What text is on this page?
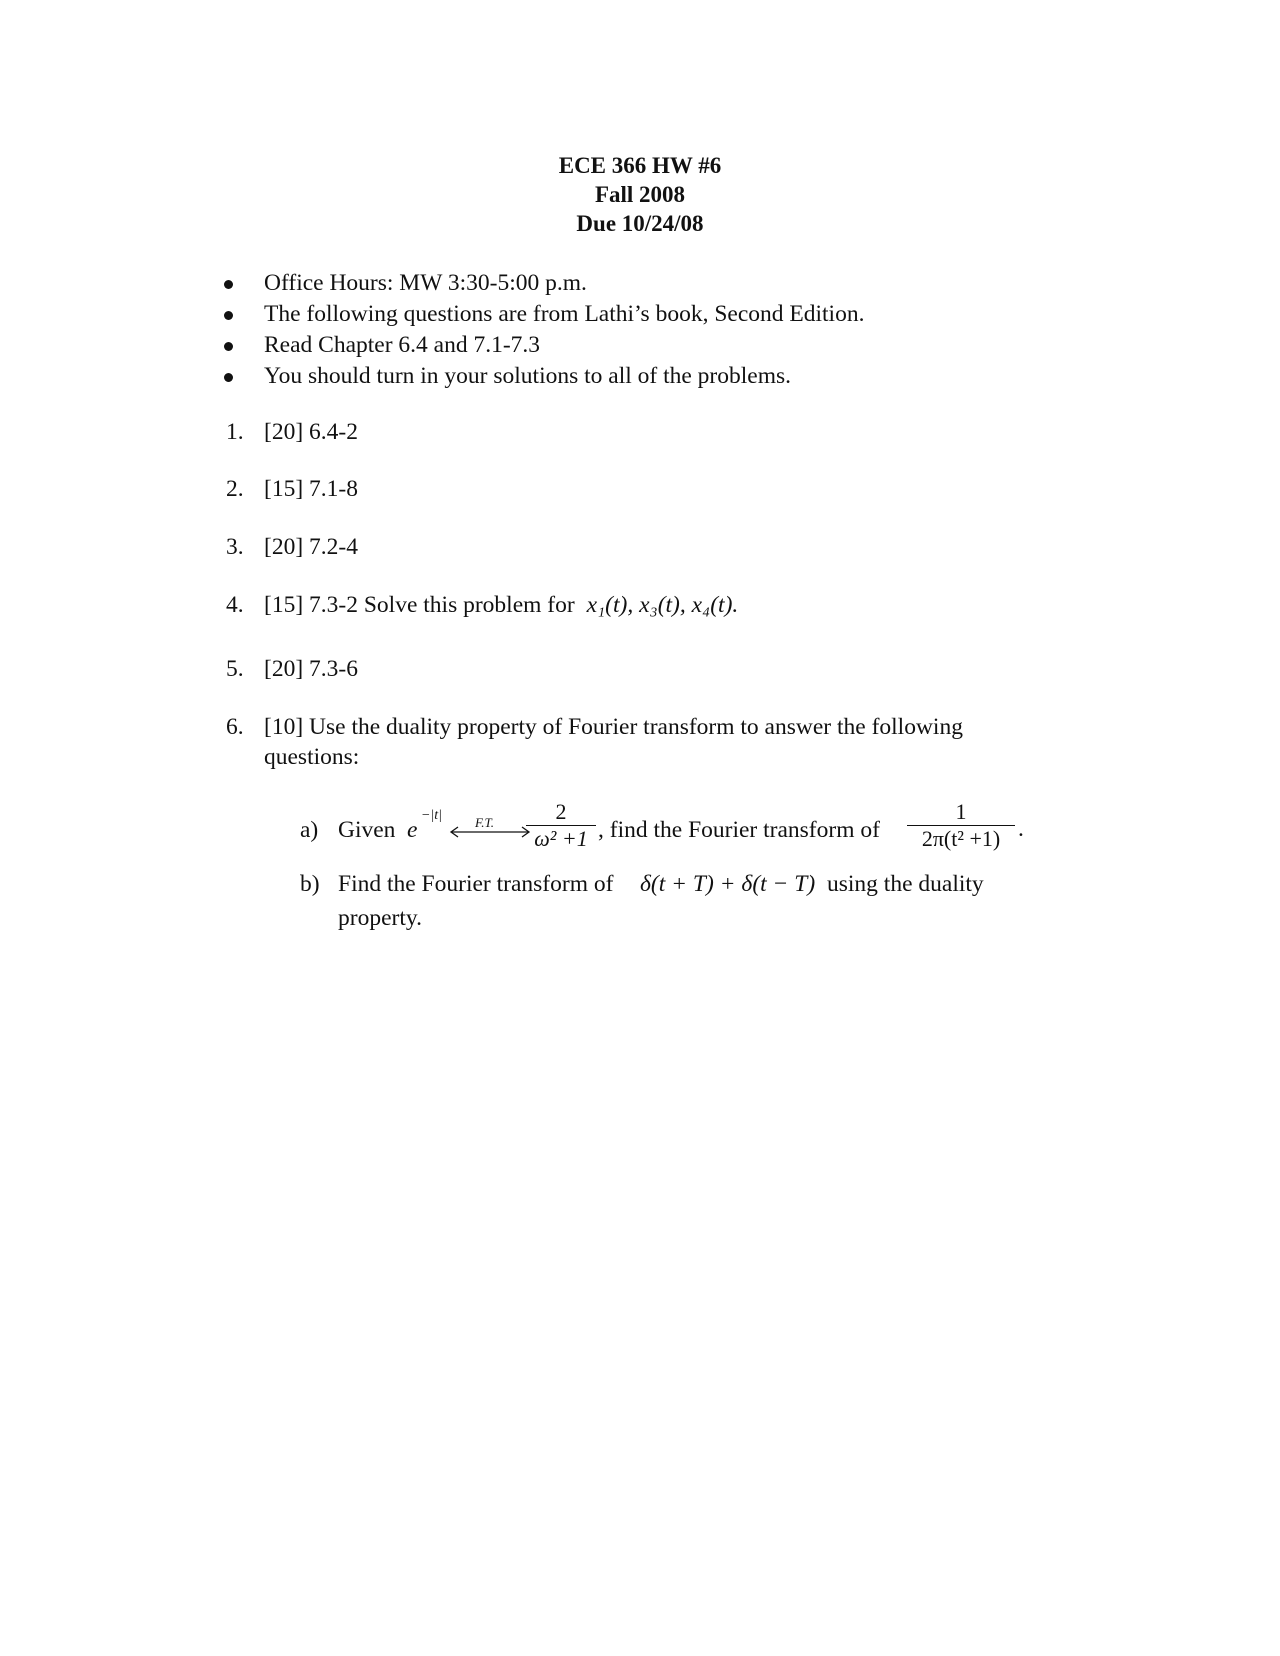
ECE 366 HW #6
Fall 2008
Due 10/24/08
Office Hours: MW 3:30-5:00 p.m.
The following questions are from Lathi’s book, Second Edition.
Read Chapter 6.4 and 7.1-7.3
You should turn in your solutions to all of the problems.
1. [20] 6.4-2
2. [15] 7.1-8
3. [20] 7.2-4
4. [15] 7.3-2 Solve this problem for x₁(t), x₃(t), x₄(t).
5. [20] 7.3-6
6. [10] Use the duality property of Fourier transform to answer the following
questions:
a) Given e
−|t|	F.T.	2
ω² +1 , find the Fourier transform of
1
2π(t² +1) .
b) Find the Fourier transform of δ(t + T) + δ(t − T) using the duality
property.
